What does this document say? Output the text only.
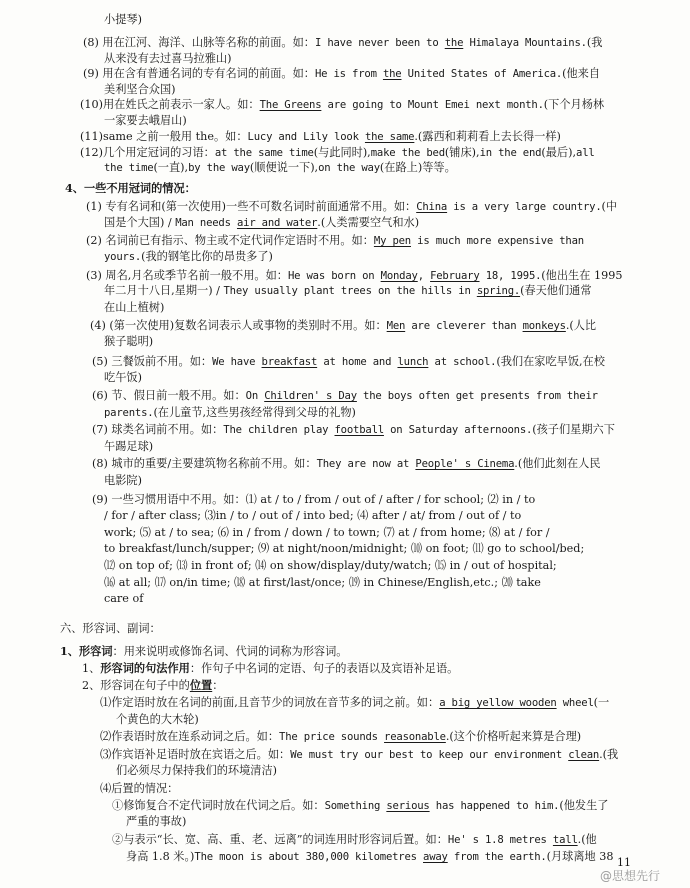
小提琴)
(8) 用在江河、海洋、山脉等名称的前面。如：I have never been to the Himalaya Mountains.(我
从来没有去过喜马拉雅山)
(9) 用在含有普通名词的专有名词的前面。如：He is from the United States of America.(他来自
美利坚合众国)
(10)用在姓氏之前表示一家人。如：The Greens are going to Mount Emei next month.(下个月杨林
一家要去峨眉山)
(11)same 之前一般用 the。如：Lucy and Lily look the same.(露西和莉莉看上去长得一样)
(12)几个用定冠词的习语：at the same time(与此同时),make the bed(铺床),in the end(最后),all
the time(一直),by the way(顺便说一下),on the way(在路上)等等。
4、一些不用冠词的情况：
(1) 专有名词和(第一次使用)一些不可数名词时前面通常不用。如：China is a very large country.(中
国是个大国) / Man needs air and water.(人类需要空气和水)
(2) 名词前已有指示、物主或不定代词作定语时不用。如：My pen is much more expensive than
yours.(我的钢笔比你的昂贵多了)
(3) 周名,月名或季节名前一般不用。如：He was born on Monday, February 18, 1995.(他出生在 1995
年二月十八日,星期一) / They usually plant trees on the hills in spring.(春天他们通常
在山上植树)
(4) (第一次使用)复数名词表示人或事物的类别时不用。如：Men are cleverer than monkeys.(人比
猴子聪明)
(5) 三餐饭前不用。如：We have breakfast at home and lunch at school.(我们在家吃早饭,在校
吃午饭)
(6) 节、假日前一般不用。如：On Children' s Day the boys often get presents from their
parents.(在儿童节,这些男孩经常得到父母的礼物)
(7) 球类名词前不用。如：The children play football on Saturday afternoons.(孩子们星期六下
午踢足球)
(8) 城市的重要/主要建筑物名称前不用。如：They are now at People' s Cinema.(他们此刻在人民
电影院)
(9) 一些习惯用语中不用。如：⑴ at / to / from / out of / after / for school; ⑵ in / to
/ for / after class; ⑶in / to / out of / into bed; ⑷ after / at/ from / out of / to
work; ⑸ at / to sea; ⑹ in / from / down / to town; ⑺ at / from home; ⑻ at / for /
to breakfast/lunch/supper; ⑼ at night/noon/midnight; ⑽ on foot; ⑾ go to school/bed;
⑿ on top of; ⒀ in front of; ⒁ on show/display/duty/watch; ⒂ in / out of hospital;
⒃ at all; ⒄ on/in time; ⒅ at first/last/once; ⒆ in Chinese/English,etc.; ⒇ take
care of
六、形容词、副词：
1、形容词：用来说明或修饰名词、代词的词称为形容词。
1、形容词的句法作用：作句子中名词的定语、句子的表语以及宾语补足语。
2、形容词在句子中的位置：
⑴作定语时放在名词的前面,且音节少的词放在音节多的词之前。如：a big yellow wooden wheel(一
个黄色的大木轮)
⑵作表语时放在连系动词之后。如：The price sounds reasonable.(这个价格听起来算是合理)
⑶作宾语补足语时放在宾语之后。如：We must try our best to keep our environment clean.(我
们必须尽力保持我们的环境清洁)
⑷后置的情况：
①修饰复合不定代词时放在代词之后。如：Something serious has happened to him.(他发生了
严重的事故)
②与表示“长、宽、高、重、老、远离”的词连用时形容词后置。如：He' s 1.8 metres tall.(他
身高 1.8 米。)The moon is about 380,000 kilometres away from the earth.(月球离地 38 11
@思想先行
